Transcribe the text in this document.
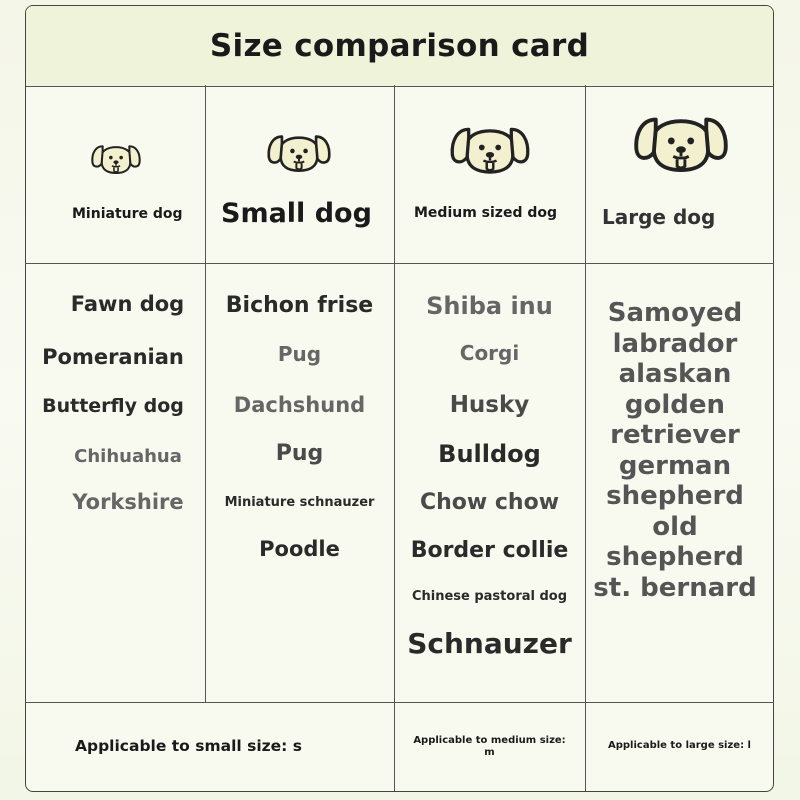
Size comparison card
Miniature dog Small dog	Medium sized dog Large dog
Fawn dog
Pomeranian
Butterfly dog
Chihuahua
Yorkshire
Bichon frise
Pug
Dachshund
Pug
Miniature schnauzer
Poodle
Shiba inu
Corgi
Husky
Bulldog
Chow chow
Border collie
Chinese pastoral dog
Schnauzer
Samoyed
labrador
alaskan
golden
retriever
german
shepherd
old
shepherd
st. bernard
Applicable to small size: s	Applicable to medium size:
m
Applicable to large size: l
